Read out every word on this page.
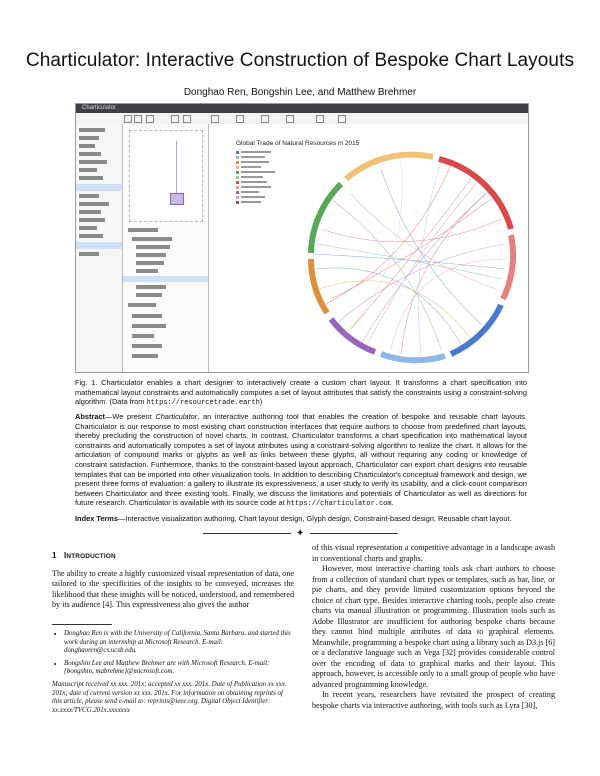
Charticulator: Interactive Construction of Bespoke Chart Layouts
Donghao Ren, Bongshin Lee, and Matthew Brehmer
Charticulator
Global Trade of Natural Resources in 2015
Fig. 1. Charticulator enables a chart designer to interactively create a custom chart layout. It transforms a chart specification into mathematical layout constraints and automatically computes a set of layout attributes that satisfy the constraints using a constraint-solving algorithm. (Data from https://resourcetrade.earth)
Abstract—We present Charticulator, an interactive authoring tool that enables the creation of bespoke and reusable chart layouts. Charticulator is our response to most existing chart construction interfaces that require authors to choose from predefined chart layouts, thereby precluding the construction of novel charts. In contrast, Charticulator transforms a chart specification into mathematical layout constraints and automatically computes a set of layout attributes using a constraint-solving algorithm to realize the chart. It allows for the articulation of compound marks or glyphs as well as links between these glyphs, all without requiring any coding or knowledge of constraint satisfaction. Furthermore, thanks to the constraint-based layout approach, Charticulator can export chart designs into reusable templates that can be imported into other visualization tools. In addition to describing Charticulator's conceptual framework and design, we present three forms of evaluation: a gallery to illustrate its expressiveness, a user study to verify its usability, and a click-count comparison between Charticulator and three existing tools. Finally, we discuss the limitations and potentials of Charticulator as well as directions for future research. Charticulator is available with its source code at https://charticulator.com.
Index Terms—Interactive visualization authoring, Chart layout design, Glyph design, Constraint-based design, Reusable chart layout.
✦
1 INTRODUCTION

The ability to create a highly customized visual representation of data, one tailored to the specificities of the insights to be conveyed, increases the likelihood that these insights will be noticed, understood, and remembered by its audience [4]. This expressiveness also gives the author

• Donghao Ren is with the University of California, Santa Barbara, and started this work during an internship at Microsoft Research. E-mail: donghaoren@cs.ucsb.edu.
• Bongshin Lee and Matthew Brehmer are with Microsoft Research. E-mail: {bongshin, mabrehme}@microsoft.com.
Manuscript received xx xxx. 201x; accepted xx xxx. 201x. Date of Publication xx xxx. 201x; date of current version xx xxx. 201x. For information on obtaining reprints of this article, please send e-mail to: reprints@ieee.org. Digital Object Identifier: xx.xxxx/TVCG.201x.xxxxxxx

of this visual representation a competitive advantage in a landscape awash in conventional charts and graphs.

However, most interactive charting tools ask chart authors to choose from a collection of standard chart types or templates, such as bar, line, or pie charts, and they provide limited customization options beyond the choice of chart type. Besides interactive charting tools, people also create charts via manual illustration or programming. Illustration tools such as Adobe Illustrator are insufficient for authoring bespoke charts because they cannot bind multiple attributes of data to graphical elements. Meanwhile, programming a bespoke chart using a library such as D3.js [6] or a declarative language such as Vega [32] provides considerable control over the encoding of data to graphical marks and their layout. This approach, however, is accessible only to a small group of people who have advanced programming knowledge.

In recent years, researchers have revisited the prospect of creating bespoke charts via interactive authoring, with tools such as Lyra [30],
